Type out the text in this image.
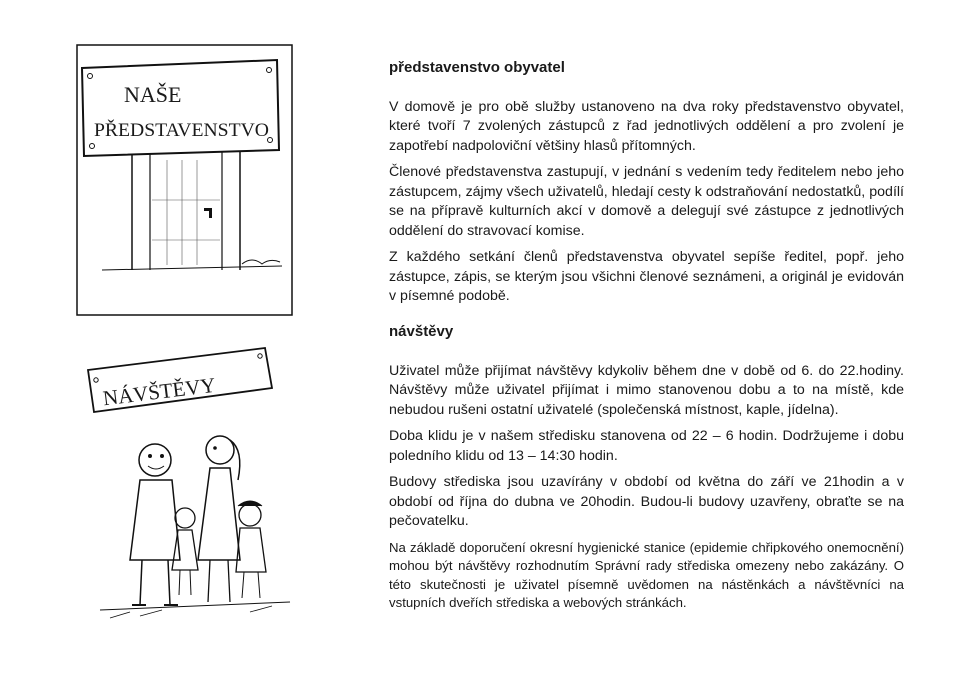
NAŠE
PŘEDSTAVENSTVO
NÁVŠTĚVY
představenstvo obyvatel

V domově je pro obě služby ustanoveno na dva roky představenstvo obyvatel, které tvoří 7 zvolených zástupců z řad jednotlivých oddělení a pro zvolení je zapotřebí nadpoloviční většiny hlasů přítomných.

Členové představenstva zastupují, v jednání s vedením tedy ředitelem nebo jeho zástupcem, zájmy všech uživatelů, hledají cesty k odstraňování nedostatků, podílí se na přípravě kulturních akcí v domově a delegují své zástupce z jednotlivých oddělení do stravovací komise.

Z každého setkání členů představenstva obyvatel sepíše ředitel, popř. jeho zástupce, zápis, se kterým jsou všichni členové seznámeni, a originál je evidován v písemné podobě.

návštěvy

Uživatel může přijímat návštěvy kdykoliv během dne v době od 6. do 22.hodiny. Návštěvy může uživatel přijímat i mimo stanovenou dobu a to na místě, kde nebudou rušeni ostatní uživatelé (společenská místnost, kaple, jídelna).

Doba klidu je v našem středisku stanovena od 22 – 6 hodin. Dodržujeme i dobu poledního klidu od 13 – 14:30 hodin.

Budovy střediska jsou uzavírány v období od května do září ve 21hodin a v období od října do dubna ve 20hodin. Budou-li budovy uzavřeny, obraťte se na pečovatelku.

Na základě doporučení okresní hygienické stanice (epidemie chřipkového onemocnění) mohou být návštěvy rozhodnutím Správní rady střediska omezeny nebo zakázány. O této skutečnosti je uživatel písemně uvědomen na nástěnkách a návštěvníci na vstupních dveřích střediska a webových stránkách.
